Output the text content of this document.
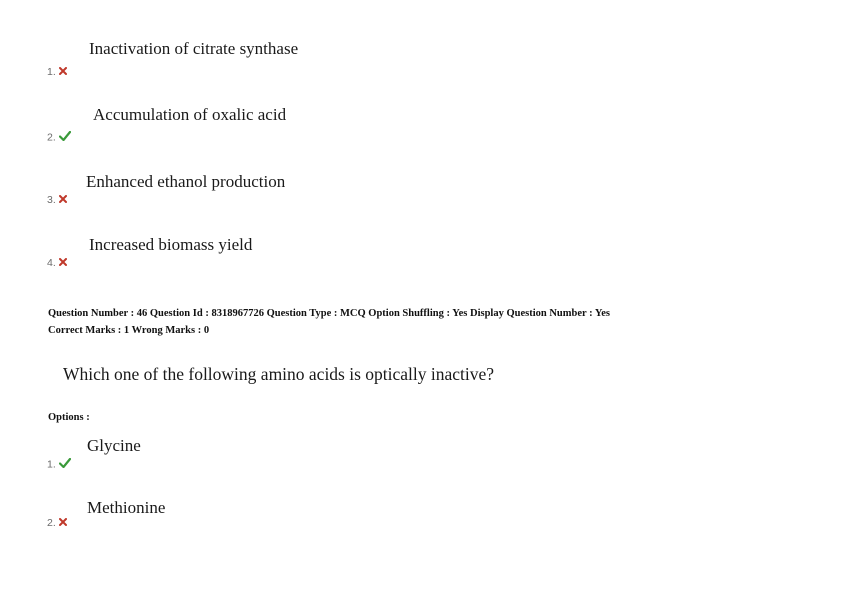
Inactivation of citrate synthase
1.
Accumulation of oxalic acid
2.
Enhanced ethanol production
3.
Increased biomass yield
4.
Question Number : 46 Question Id : 8318967726 Question Type : MCQ Option Shuffling : Yes Display Question Number : Yes
Correct Marks : 1 Wrong Marks : 0
Which one of the following amino acids is optically inactive?
Options :
Glycine
1.
Methionine
2.
